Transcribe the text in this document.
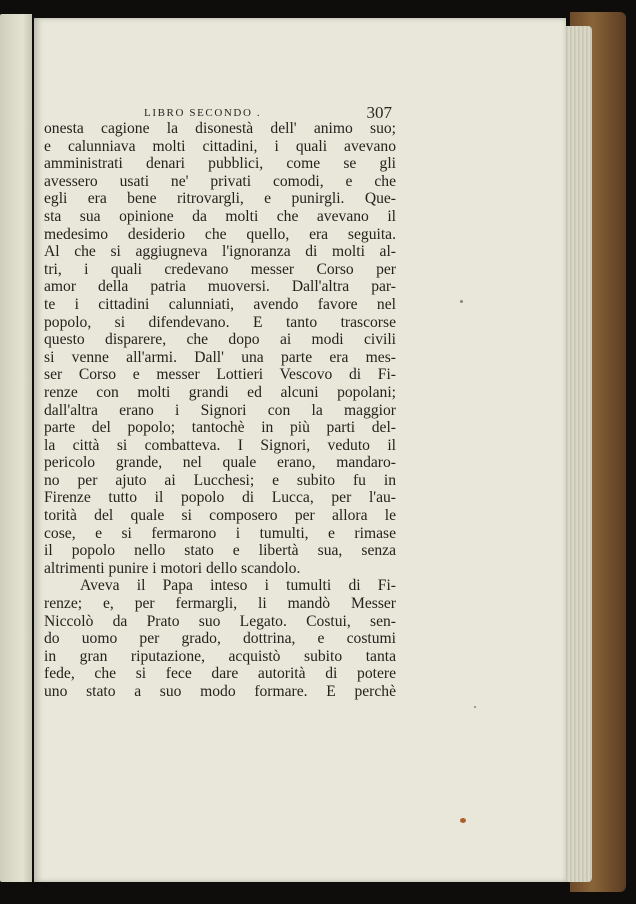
LIBRO SECONDO .	307
onesta cagione la disonestà dell' animo suo;
e calunniava molti cittadini, i quali avevano
amministrati denari pubblici, come se gli
avessero usati ne' privati comodi, e che
egli era bene ritrovargli, e punirgli. Que-
sta sua opinione da molti che avevano il
medesimo desiderio che quello, era seguita.
Al che si aggiugneva l'ignoranza di molti al-
tri, i quali credevano messer Corso per
amor della patria muoversi. Dall'altra par-
te i cittadini calunniati, avendo favore nel
popolo, si difendevano. E tanto trascorse
questo disparere, che dopo ai modi civili
si venne all'armi. Dall' una parte era mes-
ser Corso e messer Lottieri Vescovo di Fi-
renze con molti grandi ed alcuni popolani;
dall'altra erano i Signori con la maggior
parte del popolo; tantochè in più parti del-
la città si combatteva. I Signori, veduto il
pericolo grande, nel quale erano, mandaro-
no per ajuto ai Lucchesi; e subito fu in
Firenze tutto il popolo di Lucca, per l'au-
torità del quale si composero per allora le
cose, e si fermarono i tumulti, e rimase
il popolo nello stato e libertà sua, senza
altrimenti punire i motori dello scandolo.
Aveva il Papa inteso i tumulti di Fi-
renze; e, per fermargli, li mandò Messer
Niccolò da Prato suo Legato. Costui, sen-
do uomo per grado, dottrina, e costumi
in gran riputazione, acquistò subito tanta
fede, che si fece dare autorità di potere
uno stato a suo modo formare. E perchè
